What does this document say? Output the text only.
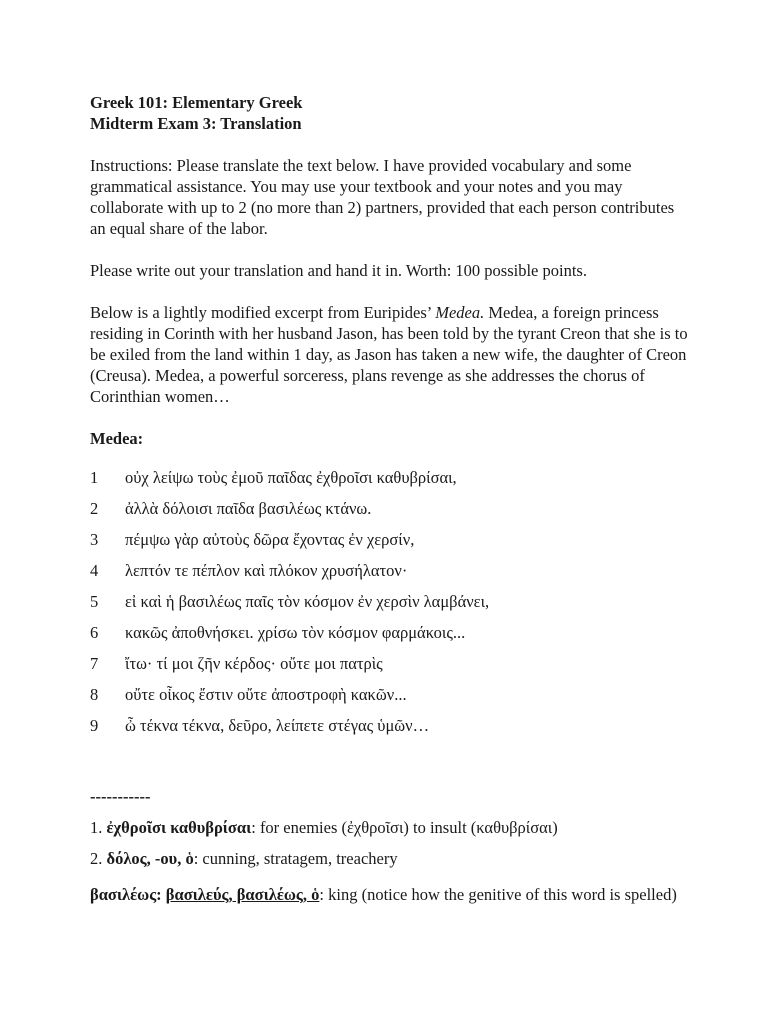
Greek 101: Elementary Greek

Midterm Exam 3: Translation

Instructions: Please translate the text below. I have provided vocabulary and some grammatical assistance. You may use your textbook and your notes and you may collaborate with up to 2 (no more than 2) partners, provided that each person contributes an equal share of the labor.

Please write out your translation and hand it in. Worth: 100 possible points.

Below is a lightly modified excerpt from Euripides’ Medea. Medea, a foreign princess residing in Corinth with her husband Jason, has been told by the tyrant Creon that she is to be exiled from the land within 1 day, as Jason has taken a new wife, the daughter of Creon (Creusa). Medea, a powerful sorceress, plans revenge as she addresses the chorus of Corinthian women…

Medea:

1	οὐχ λείψω τοὺς ἐμοῦ παῖδας ἐχθροῖσι καθυβρίσαι,
2	ἀλλὰ δόλοισι παῖδα βασιλέως κτάνω.
3	πέμψω γὰρ αὐτοὺς δῶρα ἔχοντας ἐν χερσίν,
4	λεπτόν τε πέπλον καὶ πλόκον χρυσήλατον·
5	εἰ καὶ ἡ βασιλέως παῖς τὸν κόσμον ἐν χερσὶν λαμβάνει,
6	κακῶς ἀποθνήσκει. χρίσω τὸν κόσμον φαρμάκοις...
7	ἴτω· τί μοι ζῆν κέρδος· οὔτε μοι πατρὶς
8	οὔτε οἶκος ἔστιν οὔτε ἀποστροφὴ κακῶν...
9	ὦ τέκνα τέκνα, δεῦρο, λείπετε στέγας ὑμῶν…
-----------
1. ἐχθροῖσι καθυβρίσαι: for enemies (ἐχθροῖσι) to insult (καθυβρίσαι)
2. δόλος, -ου, ὁ: cunning, stratagem, treachery
βασιλέως: βασιλεύς, βασιλέως, ὁ: king (notice how the genitive of this word is spelled)
